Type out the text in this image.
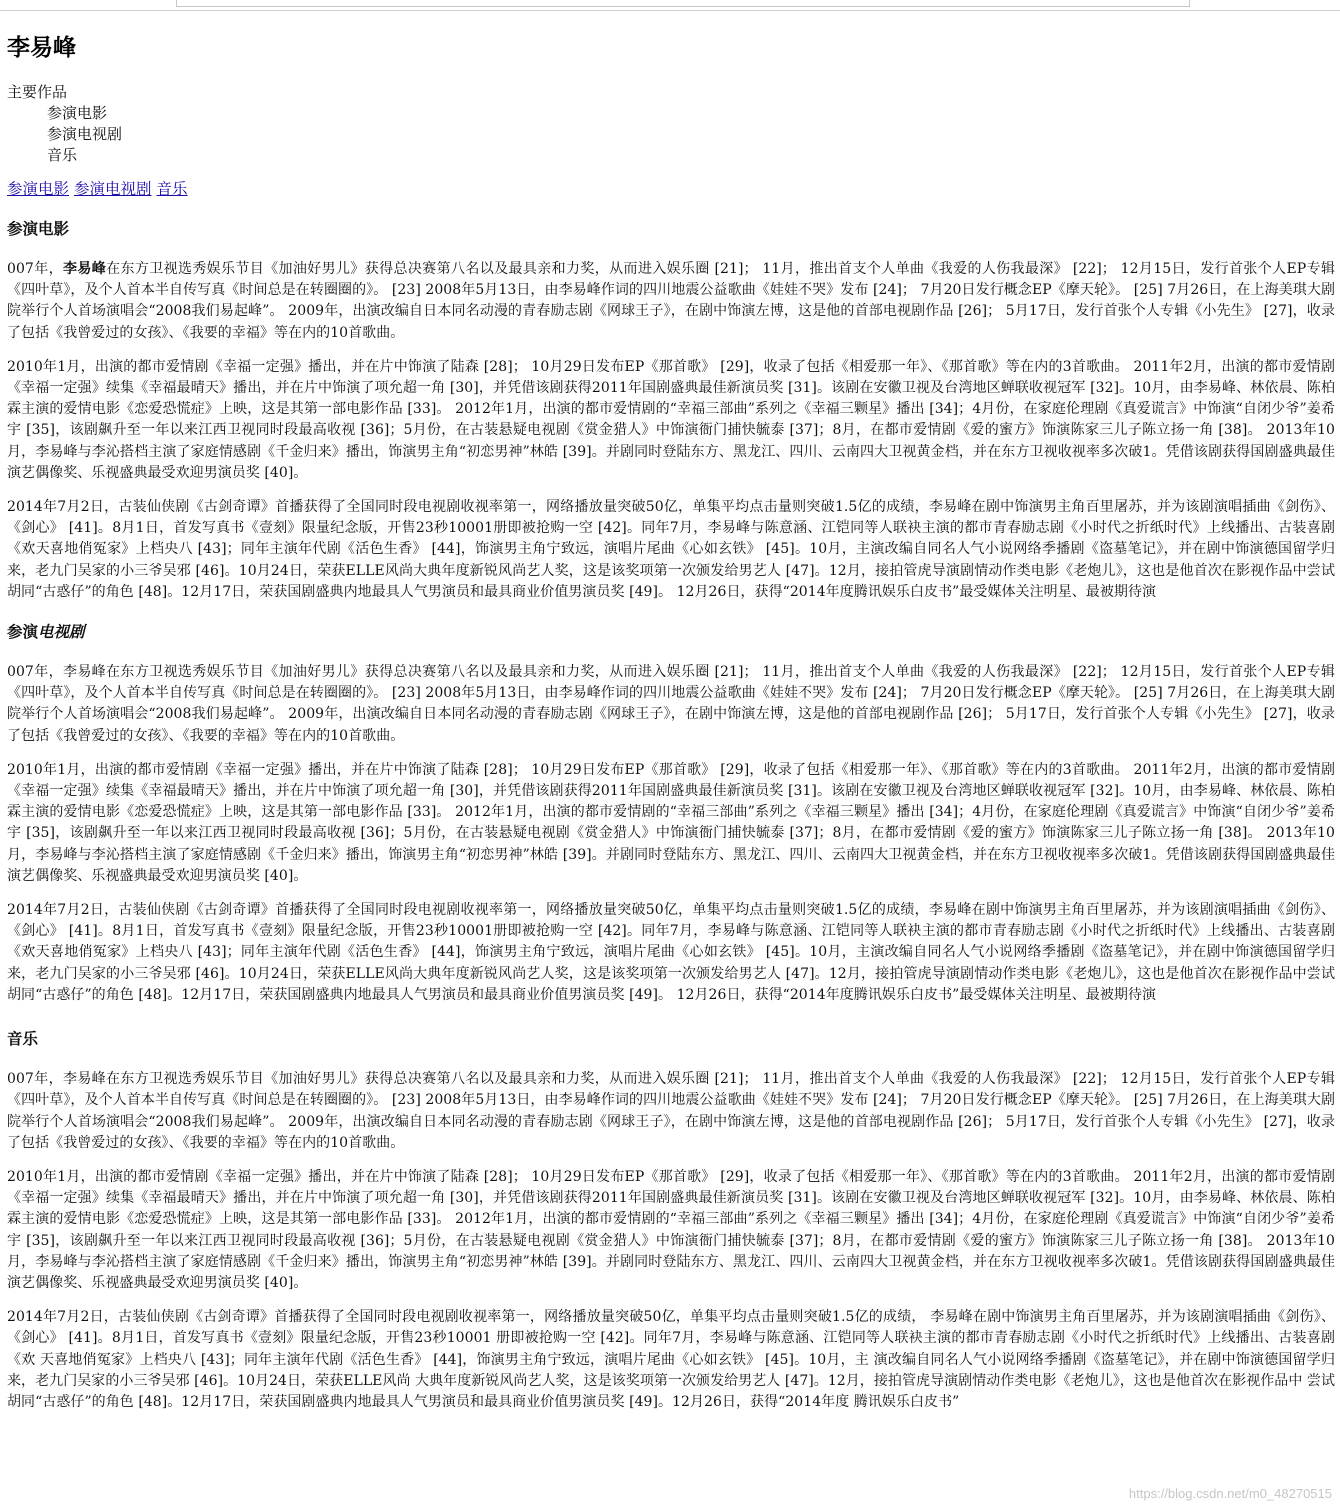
李易峰
主要作品
参演电影
参演电视剧
音乐
参演电影 参演电视剧 音乐
参演电影

007年，李易峰在东方卫视选秀娱乐节目《加油好男儿》获得总决赛第八名以及最具亲和力奖，从而进入娱乐圈 [21]； 11月，推出首支个人单曲《我爱的人伤我最深》 [22]； 12月15日，发行首张个人EP专辑《四叶草》，及个人首本半自传写真《时间总是在转圈圈的》。 [23] 2008年5月13日，由李易峰作词的四川地震公益歌曲《娃娃不哭》发布 [24]； 7月20日发行概念EP《摩天轮》。 [25] 7月26日，在上海美琪大剧院举行个人首场演唱会“2008我们易起峰”。 2009年，出演改编自日本同名动漫的青春励志剧《网球王子》，在剧中饰演左博，这是他的首部电视剧作品 [26]； 5月17日，发行首张个人专辑《小先生》 [27]，收录了包括《我曾爱过的女孩》、《我要的幸福》等在内的10首歌曲。

2010年1月，出演的都市爱情剧《幸福一定强》播出，并在片中饰演了陆森 [28]； 10月29日发布EP《那首歌》 [29]，收录了包括《相爱那一年》、《那首歌》等在内的3首歌曲。 2011年2月，出演的都市爱情剧《幸福一定强》续集《幸福最晴天》播出，并在片中饰演了项允超一角 [30]，并凭借该剧获得2011年国剧盛典最佳新演员奖 [31]。该剧在安徽卫视及台湾地区蝉联收视冠军 [32]。10月，由李易峰、林依晨、陈柏霖主演的爱情电影《恋爱恐慌症》上映，这是其第一部电影作品 [33]。 2012年1月，出演的都市爱情剧的“幸福三部曲”系列之《幸福三颗星》播出 [34]；4月份，在家庭伦理剧《真爱谎言》中饰演“自闭少爷”姜希宇 [35]，该剧飙升至一年以来江西卫视同时段最高收视 [36]；5月份，在古装悬疑电视剧《赏金猎人》中饰演衙门捕快毓泰 [37]；8月，在都市爱情剧《爱的蜜方》饰演陈家三儿子陈立扬一角 [38]。 2013年10月，李易峰与李沁搭档主演了家庭情感剧《千金归来》播出，饰演男主角“初恋男神”林皓 [39]。并剧同时登陆东方、黑龙江、四川、云南四大卫视黄金档，并在东方卫视收视率多次破1。凭借该剧获得国剧盛典最佳演艺偶像奖、乐视盛典最受欢迎男演员奖 [40]。

2014年7月2日，古装仙侠剧《古剑奇谭》首播获得了全国同时段电视剧收视率第一，网络播放量突破50亿，单集平均点击量则突破1.5亿的成绩，李易峰在剧中饰演男主角百里屠苏，并为该剧演唱插曲《剑伤》、《剑心》 [41]。8月1日，首发写真书《壹刻》限量纪念版，开售23秒10001册即被抢购一空 [42]。同年7月，李易峰与陈意涵、江铠同等人联袂主演的都市青春励志剧《小时代之折纸时代》上线播出、古装喜剧《欢天喜地俏冤家》上档央八 [43]；同年主演年代剧《活色生香》 [44]，饰演男主角宁致远，演唱片尾曲《心如玄铁》 [45]。10月，主演改编自同名人气小说网络季播剧《盗墓笔记》，并在剧中饰演德国留学归来，老九门吴家的小三爷吴邪 [46]。10月24日，荣获ELLE风尚大典年度新锐风尚艺人奖，这是该奖项第一次颁发给男艺人 [47]。12月，接拍管虎导演剧情动作类电影《老炮儿》，这也是他首次在影视作品中尝试胡同“古惑仔”的角色 [48]。12月17日，荣获国剧盛典内地最具人气男演员和最具商业价值男演员奖 [49]。 12月26日，获得“2014年度腾讯娱乐白皮书”最受媒体关注明星、最被期待演

参演电视剧

007年，李易峰在东方卫视选秀娱乐节目《加油好男儿》获得总决赛第八名以及最具亲和力奖，从而进入娱乐圈 [21]； 11月，推出首支个人单曲《我爱的人伤我最深》 [22]； 12月15日，发行首张个人EP专辑《四叶草》，及个人首本半自传写真《时间总是在转圈圈的》。 [23] 2008年5月13日，由李易峰作词的四川地震公益歌曲《娃娃不哭》发布 [24]； 7月20日发行概念EP《摩天轮》。 [25] 7月26日，在上海美琪大剧院举行个人首场演唱会“2008我们易起峰”。 2009年，出演改编自日本同名动漫的青春励志剧《网球王子》，在剧中饰演左博，这是他的首部电视剧作品 [26]； 5月17日，发行首张个人专辑《小先生》 [27]，收录了包括《我曾爱过的女孩》、《我要的幸福》等在内的10首歌曲。

2010年1月，出演的都市爱情剧《幸福一定强》播出，并在片中饰演了陆森 [28]； 10月29日发布EP《那首歌》 [29]，收录了包括《相爱那一年》、《那首歌》等在内的3首歌曲。 2011年2月，出演的都市爱情剧《幸福一定强》续集《幸福最晴天》播出，并在片中饰演了项允超一角 [30]，并凭借该剧获得2011年国剧盛典最佳新演员奖 [31]。该剧在安徽卫视及台湾地区蝉联收视冠军 [32]。10月，由李易峰、林依晨、陈柏霖主演的爱情电影《恋爱恐慌症》上映，这是其第一部电影作品 [33]。 2012年1月，出演的都市爱情剧的“幸福三部曲”系列之《幸福三颗星》播出 [34]；4月份，在家庭伦理剧《真爱谎言》中饰演“自闭少爷”姜希宇 [35]，该剧飙升至一年以来江西卫视同时段最高收视 [36]；5月份，在古装悬疑电视剧《赏金猎人》中饰演衙门捕快毓泰 [37]；8月，在都市爱情剧《爱的蜜方》饰演陈家三儿子陈立扬一角 [38]。 2013年10月，李易峰与李沁搭档主演了家庭情感剧《千金归来》播出，饰演男主角“初恋男神”林皓 [39]。并剧同时登陆东方、黑龙江、四川、云南四大卫视黄金档，并在东方卫视收视率多次破1。凭借该剧获得国剧盛典最佳演艺偶像奖、乐视盛典最受欢迎男演员奖 [40]。

2014年7月2日，古装仙侠剧《古剑奇谭》首播获得了全国同时段电视剧收视率第一，网络播放量突破50亿，单集平均点击量则突破1.5亿的成绩，李易峰在剧中饰演男主角百里屠苏，并为该剧演唱插曲《剑伤》、《剑心》 [41]。8月1日，首发写真书《壹刻》限量纪念版，开售23秒10001册即被抢购一空 [42]。同年7月，李易峰与陈意涵、江铠同等人联袂主演的都市青春励志剧《小时代之折纸时代》上线播出、古装喜剧《欢天喜地俏冤家》上档央八 [43]；同年主演年代剧《活色生香》 [44]，饰演男主角宁致远，演唱片尾曲《心如玄铁》 [45]。10月，主演改编自同名人气小说网络季播剧《盗墓笔记》，并在剧中饰演德国留学归来，老九门吴家的小三爷吴邪 [46]。10月24日，荣获ELLE风尚大典年度新锐风尚艺人奖，这是该奖项第一次颁发给男艺人 [47]。12月，接拍管虎导演剧情动作类电影《老炮儿》，这也是他首次在影视作品中尝试胡同“古惑仔”的角色 [48]。12月17日，荣获国剧盛典内地最具人气男演员和最具商业价值男演员奖 [49]。 12月26日，获得“2014年度腾讯娱乐白皮书”最受媒体关注明星、最被期待演

音乐

007年，李易峰在东方卫视选秀娱乐节目《加油好男儿》获得总决赛第八名以及最具亲和力奖，从而进入娱乐圈 [21]； 11月，推出首支个人单曲《我爱的人伤我最深》 [22]； 12月15日，发行首张个人EP专辑《四叶草》，及个人首本半自传写真《时间总是在转圈圈的》。 [23] 2008年5月13日，由李易峰作词的四川地震公益歌曲《娃娃不哭》发布 [24]； 7月20日发行概念EP《摩天轮》。 [25] 7月26日，在上海美琪大剧院举行个人首场演唱会“2008我们易起峰”。 2009年，出演改编自日本同名动漫的青春励志剧《网球王子》，在剧中饰演左博，这是他的首部电视剧作品 [26]； 5月17日，发行首张个人专辑《小先生》 [27]，收录了包括《我曾爱过的女孩》、《我要的幸福》等在内的10首歌曲。

2010年1月，出演的都市爱情剧《幸福一定强》播出，并在片中饰演了陆森 [28]； 10月29日发布EP《那首歌》 [29]，收录了包括《相爱那一年》、《那首歌》等在内的3首歌曲。 2011年2月，出演的都市爱情剧《幸福一定强》续集《幸福最晴天》播出，并在片中饰演了项允超一角 [30]，并凭借该剧获得2011年国剧盛典最佳新演员奖 [31]。该剧在安徽卫视及台湾地区蝉联收视冠军 [32]。10月，由李易峰、林依晨、陈柏霖主演的爱情电影《恋爱恐慌症》上映，这是其第一部电影作品 [33]。 2012年1月，出演的都市爱情剧的“幸福三部曲”系列之《幸福三颗星》播出 [34]；4月份，在家庭伦理剧《真爱谎言》中饰演“自闭少爷”姜希宇 [35]，该剧飙升至一年以来江西卫视同时段最高收视 [36]；5月份，在古装悬疑电视剧《赏金猎人》中饰演衙门捕快毓泰 [37]；8月，在都市爱情剧《爱的蜜方》饰演陈家三儿子陈立扬一角 [38]。 2013年10月，李易峰与李沁搭档主演了家庭情感剧《千金归来》播出，饰演男主角“初恋男神”林皓 [39]。并剧同时登陆东方、黑龙江、四川、云南四大卫视黄金档，并在东方卫视收视率多次破1。凭借该剧获得国剧盛典最佳演艺偶像奖、乐视盛典最受欢迎男演员奖 [40]。

2014年7月2日，古装仙侠剧《古剑奇谭》首播获得了全国同时段电视剧收视率第一，网络播放量突破50亿，单集平均点击量则突破1.5亿的成绩， 李易峰在剧中饰演男主角百里屠苏，并为该剧演唱插曲《剑伤》、《剑心》 [41]。8月1日，首发写真书《壹刻》限量纪念版，开售23秒10001 册即被抢购一空 [42]。同年7月，李易峰与陈意涵、江铠同等人联袂主演的都市青春励志剧《小时代之折纸时代》上线播出、古装喜剧《欢 天喜地俏冤家》上档央八 [43]；同年主演年代剧《活色生香》 [44]，饰演男主角宁致远，演唱片尾曲《心如玄铁》 [45]。10月，主 演改编自同名人气小说网络季播剧《盗墓笔记》，并在剧中饰演德国留学归来，老九门吴家的小三爷吴邪 [46]。10月24日，荣获ELLE风尚 大典年度新锐风尚艺人奖，这是该奖项第一次颁发给男艺人 [47]。12月，接拍管虎导演剧情动作类电影《老炮儿》，这也是他首次在影视作品中 尝试胡同“古惑仔”的角色 [48]。12月17日，荣获国剧盛典内地最具人气男演员和最具商业价值男演员奖 [49]。12月26日，获得“2014年度 腾讯娱乐白皮书”

https://blog.csdn.net/m0_48270515
